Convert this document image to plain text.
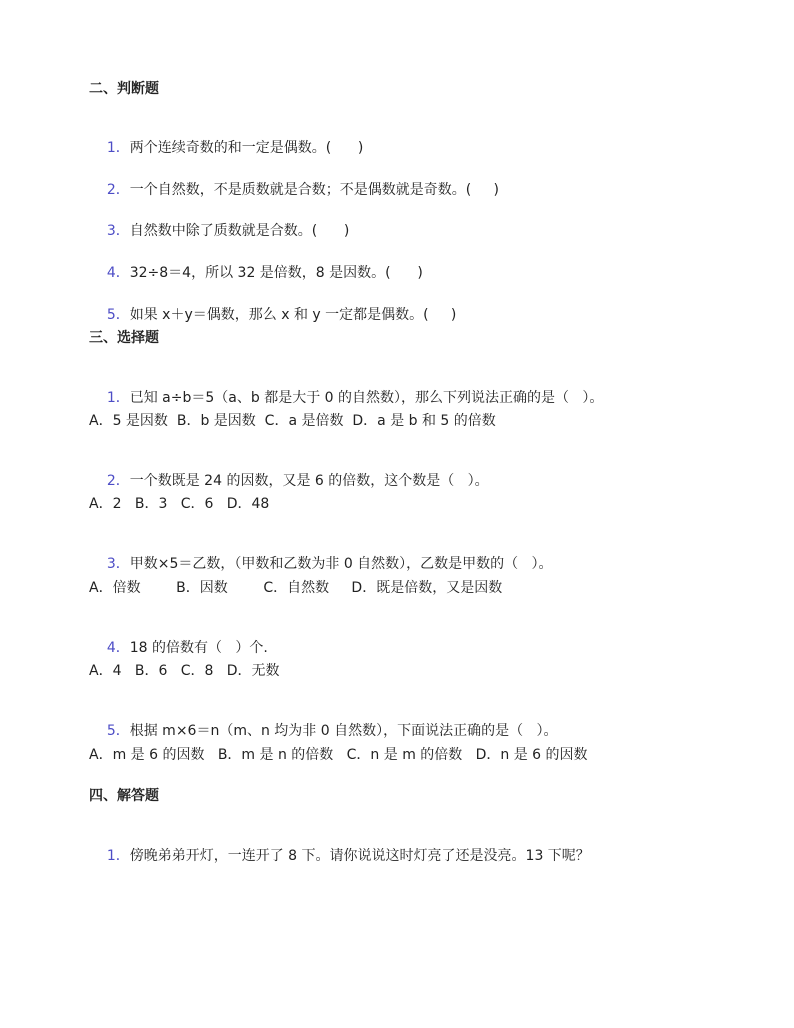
二、判断题

1．两个连续奇数的和一定是偶数。(      )

2．一个自然数，不是质数就是合数；不是偶数就是奇数。(     )

3．自然数中除了质数就是合数。(      )

4．32÷8＝4，所以 32 是倍数，8 是因数。(      )

5．如果 x＋y＝偶数，那么 x 和 y 一定都是偶数。(     )

三、选择题

1．已知 a÷b＝5（a、b 都是大于 0 的自然数），那么下列说法正确的是（   ）。

A．5 是因数  B．b 是因数  C．a 是倍数  D．a 是 b 和 5 的倍数

2．一个数既是 24 的因数，又是 6 的倍数，这个数是（   ）。

A．2   B．3   C．6   D．48

3．甲数×5＝乙数，（甲数和乙数为非 0 自然数），乙数是甲数的（   ）。

A．倍数        B．因数        C．自然数     D．既是倍数，又是因数

4．18 的倍数有（   ）个.

A．4   B．6   C．8   D．无数

5．根据 m×6＝n（m、n 均为非 0 自然数），下面说法正确的是（   ）。

A．m 是 6 的因数   B．m 是 n 的倍数   C．n 是 m 的倍数   D．n 是 6 的因数
四、解答题

1．傍晚弟弟开灯，一连开了 8 下。请你说说这时灯亮了还是没亮。13 下呢？
